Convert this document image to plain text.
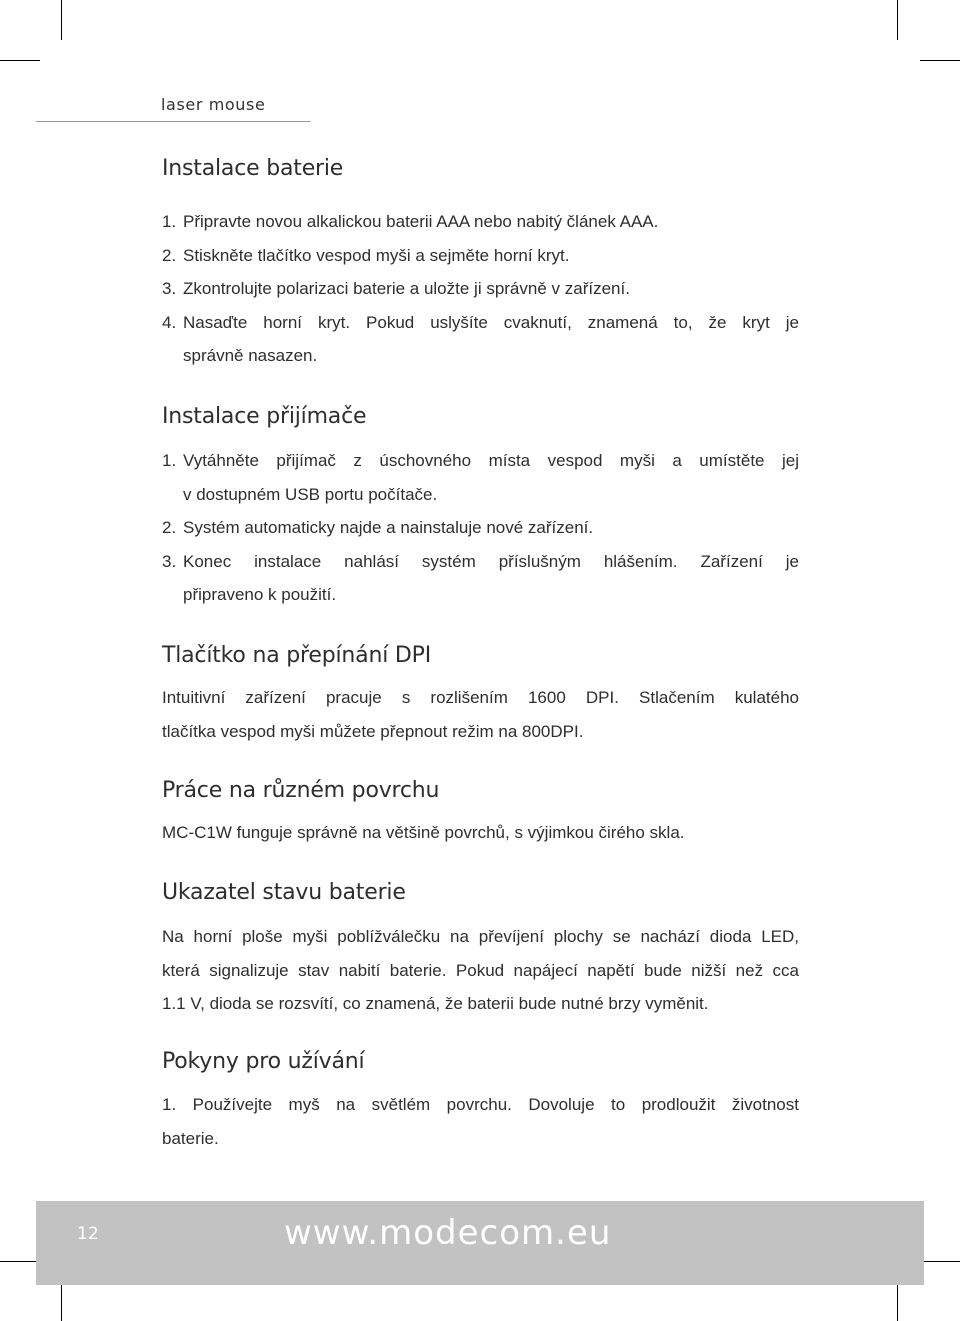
laser mouse
Instalace baterie
1. Připravte novou alkalickou baterii AAA nebo nabitý článek AAA.
2. Stiskněte tlačítko vespod myši a sejměte horní kryt.
3. Zkontrolujte polarizaci baterie a uložte ji správně v zařízení.
4. Nasaďte horní kryt. Pokud uslyšíte cvaknutí, znamená to, že kryt je
správně nasazen.
Instalace přijímače
1. Vytáhněte přijímač z úschovného místa vespod myši a umístěte jej
v dostupném USB portu počítače.
2. Systém automaticky najde a nainstaluje nové zařízení.
3. Konec instalace nahlásí systém příslušným hlášením. Zařízení je
připraveno k použití.
Tlačítko na přepínání DPI
Intuitivní zařízení pracuje s rozlišením 1600 DPI. Stlačením kulatého
tlačítka vespod myši můžete přepnout režim na 800DPI.
Práce na různém povrchu
MC-C1W funguje správně na většině povrchů, s výjimkou čirého skla.
Ukazatel stavu baterie
Na horní ploše myši poblížválečku na převíjení plochy se nachází dioda LED,
která signalizuje stav nabití baterie. Pokud napájecí napětí bude nižší než cca
1.1 V, dioda se rozsvítí, co znamená, že baterii bude nutné brzy vyměnit.
Pokyny pro užívání
1. Používejte myš na světlém povrchu. Dovoluje to prodloužit životnost
baterie.
12	www.modecom.eu
